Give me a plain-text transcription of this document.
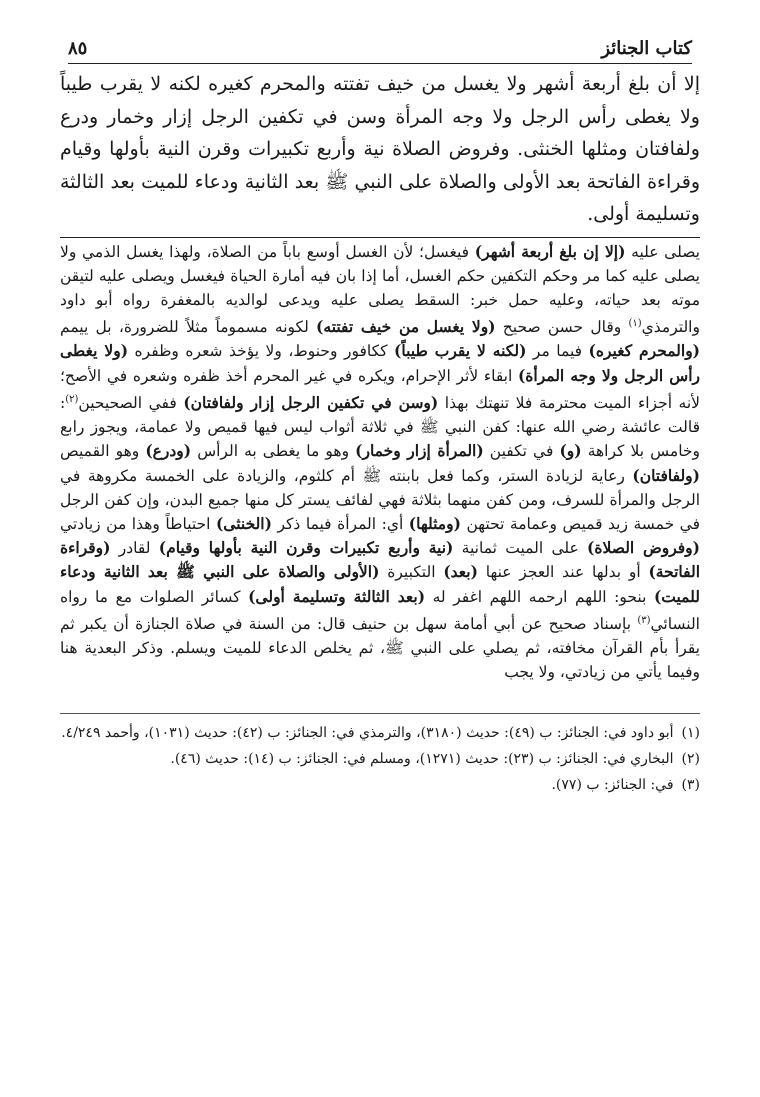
كتاب الجنائز
٨٥
إلا أن بلغ أربعة أشهر ولا يغسل من خيف تفتته والمحرم كغيره لكنه لا يقرب طيباً ولا يغطى رأس الرجل ولا وجه المرأة وسن في تكفين الرجل إزار وخمار ودرع ولفافتان ومثلها الخنثى. وفروض الصلاة نية وأربع تكبيرات وقرن النية بأولها وقيام وقراءة الفاتحة بعد الأولى والصلاة على النبي ﷺ بعد الثانية ودعاء للميت بعد الثالثة وتسليمة أولى.
يصلى عليه (إلا إن بلغ أربعة أشهر) فيغسل؛ لأن الغسل أوسع باباً من الصلاة، ولهذا يغسل الذمي ولا يصلى عليه كما مر وحكم التكفين حكم الغسل، أما إذا بان فيه أمارة الحياة فيغسل ويصلى عليه لتيقن موته بعد حياته، وعليه حمل خبر: السقط يصلى عليه ويدعى لوالديه بالمغفرة رواه أبو داود والترمذي$^{(١)}$ وقال حسن صحيح (ولا يغسل من خيف تفتته) لكونه مسموماً مثلاً للضرورة، بل ييمم (والمحرم كغيره) فيما مر (لكنه لا يقرب طيباً) ككافور وحنوط، ولا يؤخذ شعره وظفره (ولا يغطى رأس الرجل ولا وجه المرأة) ابقاء لأثر الإحرام، ويكره في غير المحرم أخذ ظفره وشعره في الأصح؛ لأنه أجزاء الميت محترمة فلا تنهتك بهذا (وسن في تكفين الرجل إزار ولفافتان) ففي الصحيحين$^{(٢)}$: قالت عائشة رضي الله عنها: كفن النبي ﷺ في ثلاثة أثواب ليس فيها قميص ولا عمامة، ويجوز رابع وخامس بلا كراهة (و) في تكفين (المرأة إزار وخمار) وهو ما يغطى به الرأس (ودرع) وهو القميص (ولفافتان) رعاية لزيادة الستر، وكما فعل بابنته ﷺ أم كلثوم، والزيادة على الخمسة مكروهة في الرجل والمرأة للسرف، ومن كفن منهما بثلاثة فهي لفائف يستر كل منها جميع البدن، وإن كفن الرجل في خمسة زيد قميص وعمامة تحتهن (ومثلها) أي: المرأة فيما ذكر (الخنثى) احتياطاً وهذا من زيادتي (وفروض الصلاة) على الميت ثمانية (نية وأربع تكبيرات وقرن النية بأولها وقيام) لقادر (وقراءة الفاتحة) أو بدلها عند العجز عنها (بعد) التكبيرة (الأولى والصلاة على النبي ﷺ بعد الثانية ودعاء للميت) بنحو: اللهم ارحمه اللهم اغفر له (بعد الثالثة وتسليمة أولى) كسائر الصلوات مع ما رواه النسائي$^{(٣)}$ بإسناد صحيح عن أبي أمامة سهل بن حنيف قال: من السنة في صلاة الجنازة أن يكبر ثم يقرأ بأم القرآن مخافته، ثم يصلي على النبي ﷺ، ثم يخلص الدعاء للميت ويسلم. وذكر البعدية هنا وفيما يأتي من زيادتي، ولا يجب
(١)
أبو داود في: الجنائز: ب (٤٩): حديث (٣١٨٠)، والترمذي في: الجنائز: ب (٤٢): حديث (١٠٣١)، وأحمد ٤/٢٤٩.
(٢)
البخاري في: الجنائز: ب (٢٣): حديث (١٢٧١)، ومسلم في: الجنائز: ب (١٤): حديث (٤٦).
(٣)
في: الجنائز: ب (٧٧).
